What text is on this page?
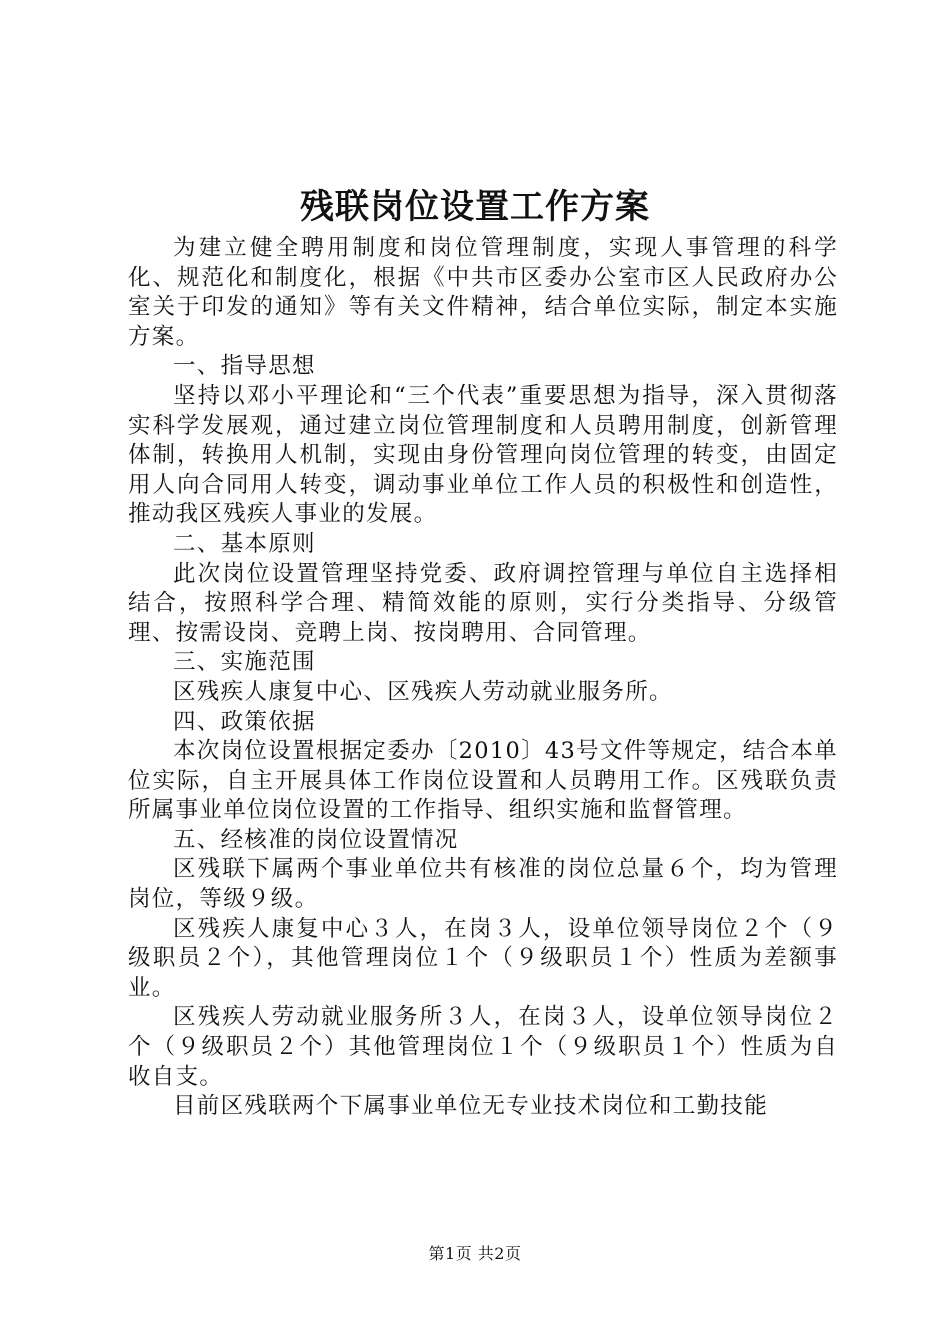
残联岗位设置工作方案

为建立健全聘用制度和岗位管理制度，实现人事管理的科学化、规范化和制度化，根据《中共市区委办公室市区人民政府办公室关于印发的通知》等有关文件精神，结合单位实际，制定本实施方案。

一、指导思想

坚持以邓小平理论和“三个代表”重要思想为指导，深入贯彻落实科学发展观，通过建立岗位管理制度和人员聘用制度，创新管理体制，转换用人机制，实现由身份管理向岗位管理的转变，由固定用人向合同用人转变，调动事业单位工作人员的积极性和创造性，推动我区残疾人事业的发展。

二、基本原则

此次岗位设置管理坚持党委、政府调控管理与单位自主选择相结合，按照科学合理、精简效能的原则，实行分类指导、分级管理、按需设岗、竞聘上岗、按岗聘用、合同管理。

三、实施范围

区残疾人康复中心、区残疾人劳动就业服务所。

四、政策依据

本次岗位设置根据定委办〔2010〕43号文件等规定，结合本单位实际，自主开展具体工作岗位设置和人员聘用工作。区残联负责所属事业单位岗位设置的工作指导、组织实施和监督管理。

五、经核准的岗位设置情况

区残联下属两个事业单位共有核准的岗位总量６个，均为管理岗位，等级９级。

区残疾人康复中心３人，在岗３人，设单位领导岗位２个（９级职员２个），其他管理岗位１个（９级职员１个）性质为差额事业。

区残疾人劳动就业服务所３人，在岗３人，设单位领导岗位２个（９级职员２个）其他管理岗位１个（９级职员１个）性质为自收自支。

目前区残联两个下属事业单位无专业技术岗位和工勤技能

第1页 共2页
